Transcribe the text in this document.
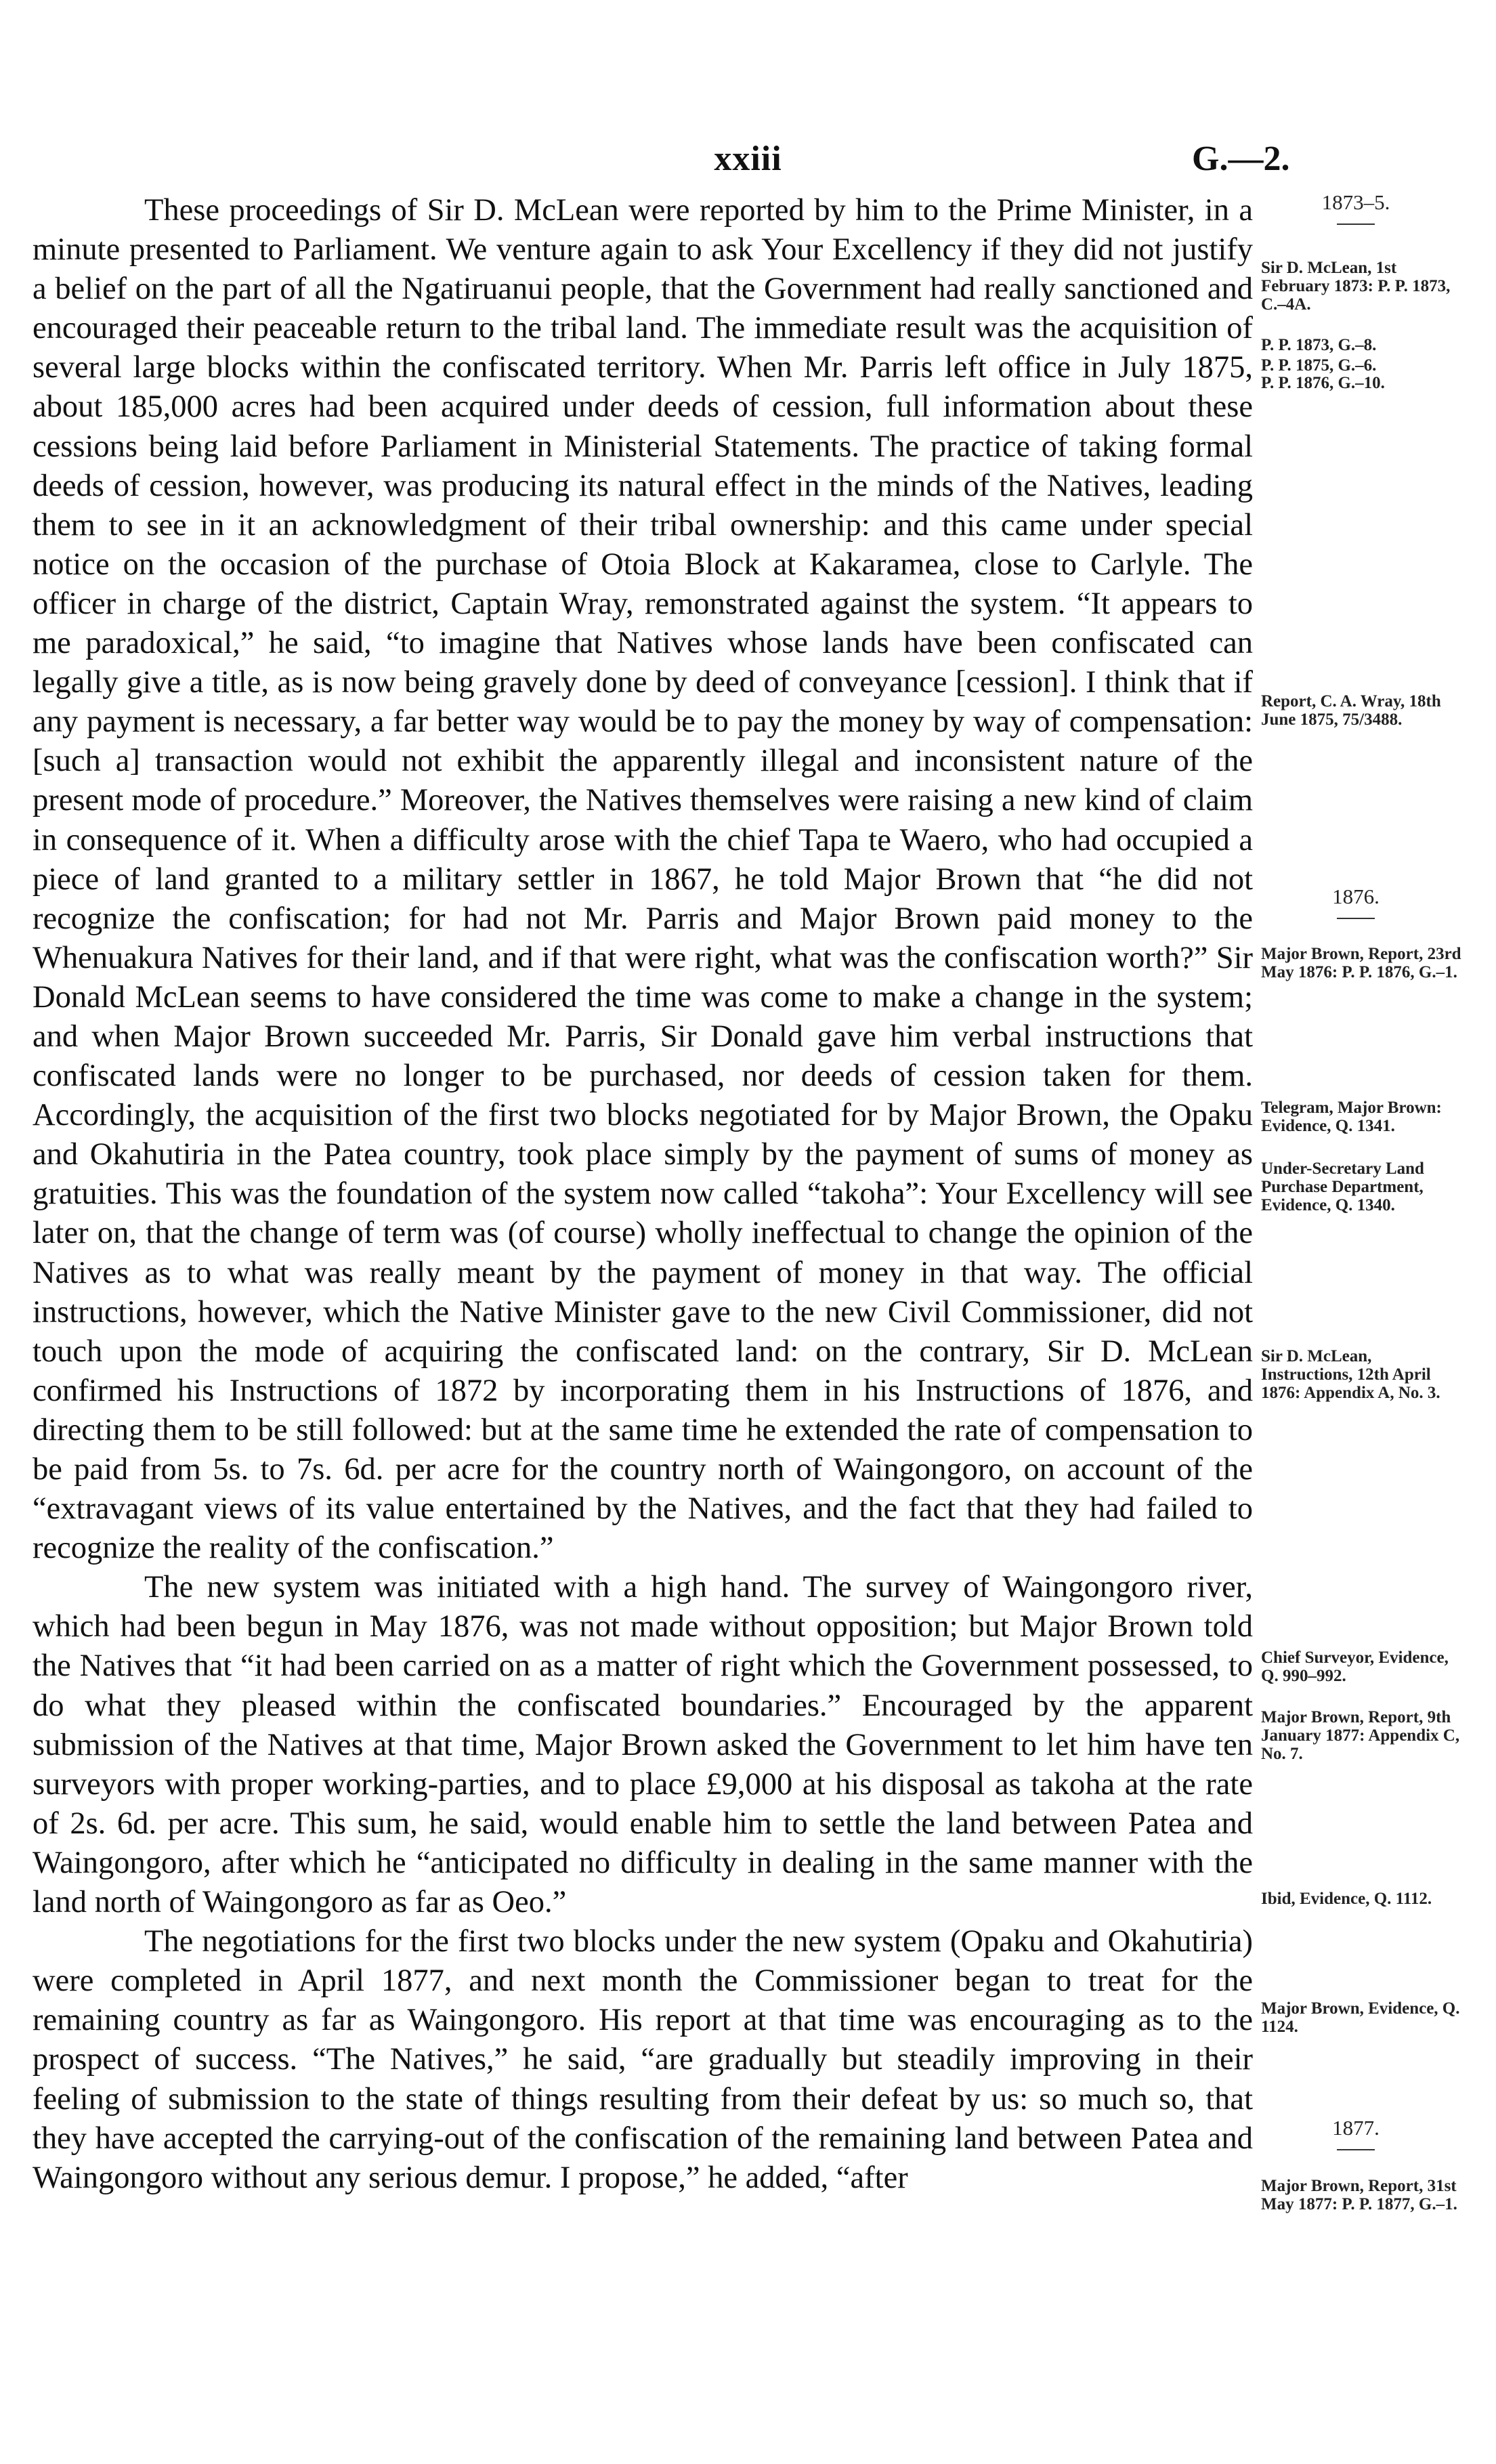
xxiii	G.—2.

These proceedings of Sir D. McLean were reported by him to the Prime Minister, in a minute presented to Parliament. We venture again to ask Your Excellency if they did not justify a belief on the part of all the Ngatiruanui people, that the Government had really sanctioned and encouraged their peaceable return to the tribal land. The immediate result was the acquisition of several large blocks within the confiscated territory. When Mr. Parris left office in July 1875, about 185,000 acres had been acquired under deeds of cession, full information about these cessions being laid before Parliament in Ministerial Statements. The practice of taking formal deeds of cession, however, was producing its natural effect in the minds of the Natives, leading them to see in it an acknowledgment of their tribal ownership: and this came under special notice on the occasion of the purchase of Otoia Block at Kakaramea, close to Carlyle. The officer in charge of the district, Captain Wray, remonstrated against the system. “It appears to me paradoxical,” he said, “to imagine that Natives whose lands have been confiscated can legally give a title, as is now being gravely done by deed of conveyance [cession]. I think that if any payment is necessary, a far better way would be to pay the money by way of compensation: [such a] transaction would not exhibit the apparently illegal and inconsistent nature of the present mode of procedure.” Moreover, the Natives themselves were raising a new kind of claim in consequence of it. When a difficulty arose with the chief Tapa te Waero, who had occupied a piece of land granted to a military settler in 1867, he told Major Brown that “he did not recognize the confiscation; for had not Mr. Parris and Major Brown paid money to the Whenuakura Natives for their land, and if that were right, what was the confiscation worth?” Sir Donald McLean seems to have considered the time was come to make a change in the system; and when Major Brown succeeded Mr. Parris, Sir Donald gave him verbal instructions that confiscated lands were no longer to be purchased, nor deeds of cession taken for them. Accordingly, the acquisition of the first two blocks negotiated for by Major Brown, the Opaku and Okahutiria in the Patea country, took place simply by the payment of sums of money as gratuities. This was the foundation of the system now called “takoha”: Your Excellency will see later on, that the change of term was (of course) wholly ineffectual to change the opinion of the Natives as to what was really meant by the payment of money in that way. The official instructions, however, which the Native Minister gave to the new Civil Commissioner, did not touch upon the mode of acquiring the confiscated land: on the contrary, Sir D. McLean confirmed his Instructions of 1872 by incorporating them in his Instructions of 1876, and directing them to be still followed: but at the same time he extended the rate of compensation to be paid from 5s. to 7s. 6d. per acre for the country north of Waingongoro, on account of the “extravagant views of its value entertained by the Natives, and the fact that they had failed to recognize the reality of the confiscation.”

The new system was initiated with a high hand. The survey of Waingongoro river, which had been begun in May 1876, was not made without opposition; but Major Brown told the Natives that “it had been carried on as a matter of right which the Government possessed, to do what they pleased within the confiscated boundaries.” Encouraged by the apparent submission of the Natives at that time, Major Brown asked the Government to let him have ten surveyors with proper working-parties, and to place £9,000 at his disposal as takoha at the rate of 2s. 6d. per acre. This sum, he said, would enable him to settle the land between Patea and Waingongoro, after which he “anticipated no difficulty in dealing in the same manner with the land north of Waingongoro as far as Oeo.”

The negotiations for the first two blocks under the new system (Opaku and Okahutiria) were completed in April 1877, and next month the Commissioner began to treat for the remaining country as far as Waingongoro. His report at that time was encouraging as to the prospect of success. “The Natives,” he said, “are gradually but steadily improving in their feeling of submission to the state of things resulting from their defeat by us: so much so, that they have accepted the carrying-out of the confiscation of the remaining land between Patea and Waingongoro without any serious demur. I propose,” he added, “after

1873–5.
Sir D. McLean, 1st February 1873: P. P. 1873, C.–4A.
P. P. 1873, G.–8.
P. P. 1875, G.–6.
P. P. 1876, G.–10.
Report, C. A. Wray, 18th June 1875, 75/3488.
1876.
Major Brown, Report, 23rd May 1876: P. P. 1876, G.–1.
Telegram, Major Brown: Evidence, Q. 1341.
Under-Secretary Land Purchase Department, Evidence, Q. 1340.
Sir D. McLean, Instructions, 12th April 1876: Appendix A, No. 3.
Chief Surveyor, Evidence, Q. 990–992.
Major Brown, Report, 9th January 1877: Appendix C, No. 7.
Ibid, Evidence, Q. 1112.
Major Brown, Evidence, Q. 1124.
1877.
Major Brown, Report, 31st May 1877: P. P. 1877, G.–1.
